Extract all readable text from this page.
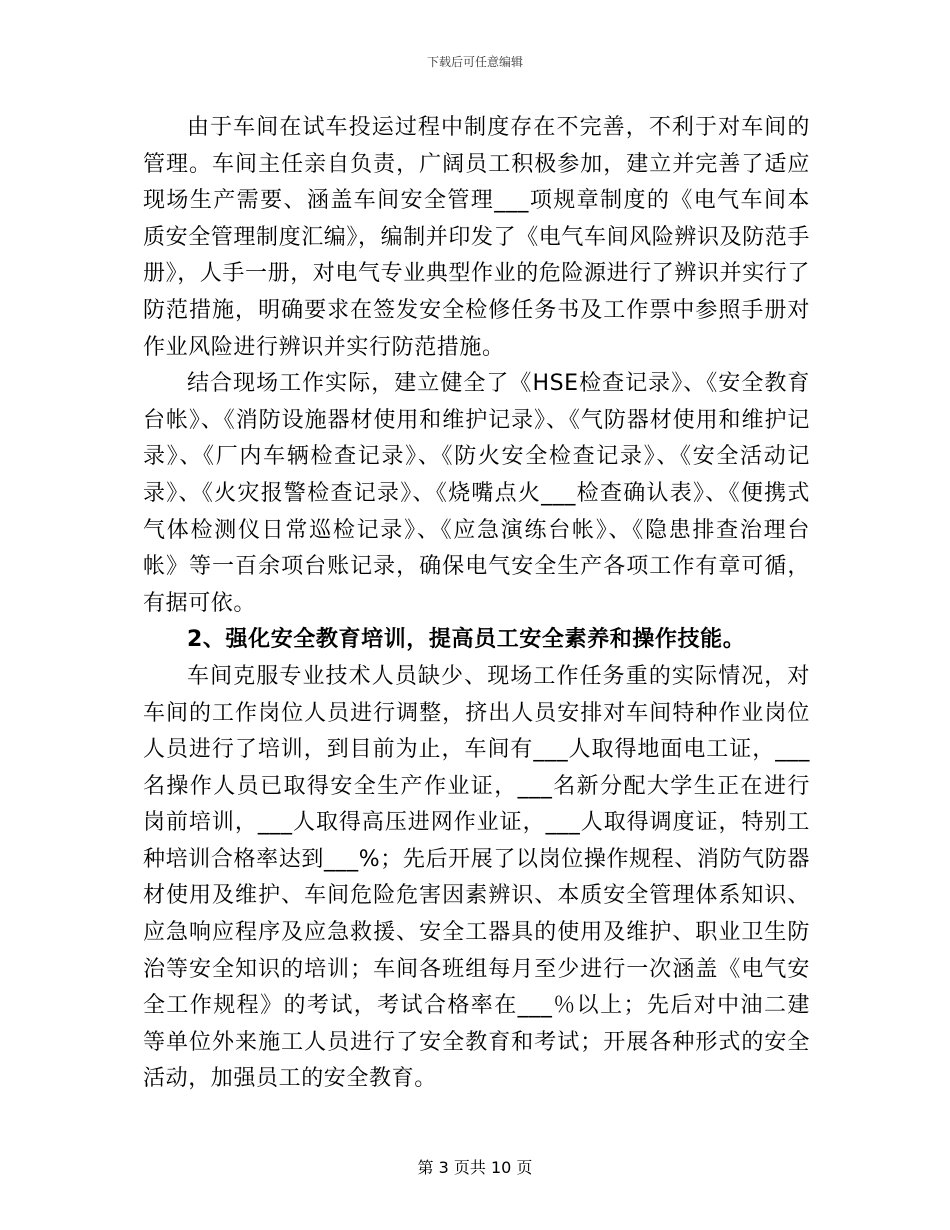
下载后可任意编辑

由于车间在试车投运过程中制度存在不完善，不利于对车间的管理。车间主任亲自负责，广阔员工积极参加，建立并完善了适应现场生产需要、涵盖车间安全管理___项规章制度的《电气车间本质安全管理制度汇编》，编制并印发了《电气车间风险辨识及防范手册》，人手一册，对电气专业典型作业的危险源进行了辨识并实行了防范措施，明确要求在签发安全检修任务书及工作票中参照手册对作业风险进行辨识并实行防范措施。

结合现场工作实际，建立健全了《HSE检查记录》、《安全教育台帐》、《消防设施器材使用和维护记录》、《气防器材使用和维护记录》、《厂内车辆检查记录》、《防火安全检查记录》、《安全活动记录》、《火灾报警检查记录》、《烧嘴点火___检查确认表》、《便携式气体检测仪日常巡检记录》、《应急演练台帐》、《隐患排查治理台帐》等一百余项台账记录，确保电气安全生产各项工作有章可循，有据可依。

2、强化安全教育培训，提高员工安全素养和操作技能。

车间克服专业技术人员缺少、现场工作任务重的实际情况，对车间的工作岗位人员进行调整，挤出人员安排对车间特种作业岗位人员进行了培训，到目前为止，车间有___人取得地面电工证，___名操作人员已取得安全生产作业证，___名新分配大学生正在进行岗前培训，___人取得高压进网作业证，___人取得调度证，特别工种培训合格率达到___%；先后开展了以岗位操作规程、消防气防器材使用及维护、车间危险危害因素辨识、本质安全管理体系知识、应急响应程序及应急救援、安全工器具的使用及维护、职业卫生防治等安全知识的培训；车间各班组每月至少进行一次涵盖《电气安全工作规程》的考试，考试合格率在___％以上；先后对中油二建等单位外来施工人员进行了安全教育和考试；开展各种形式的安全活动，加强员工的安全教育。

第 3 页共 10 页
